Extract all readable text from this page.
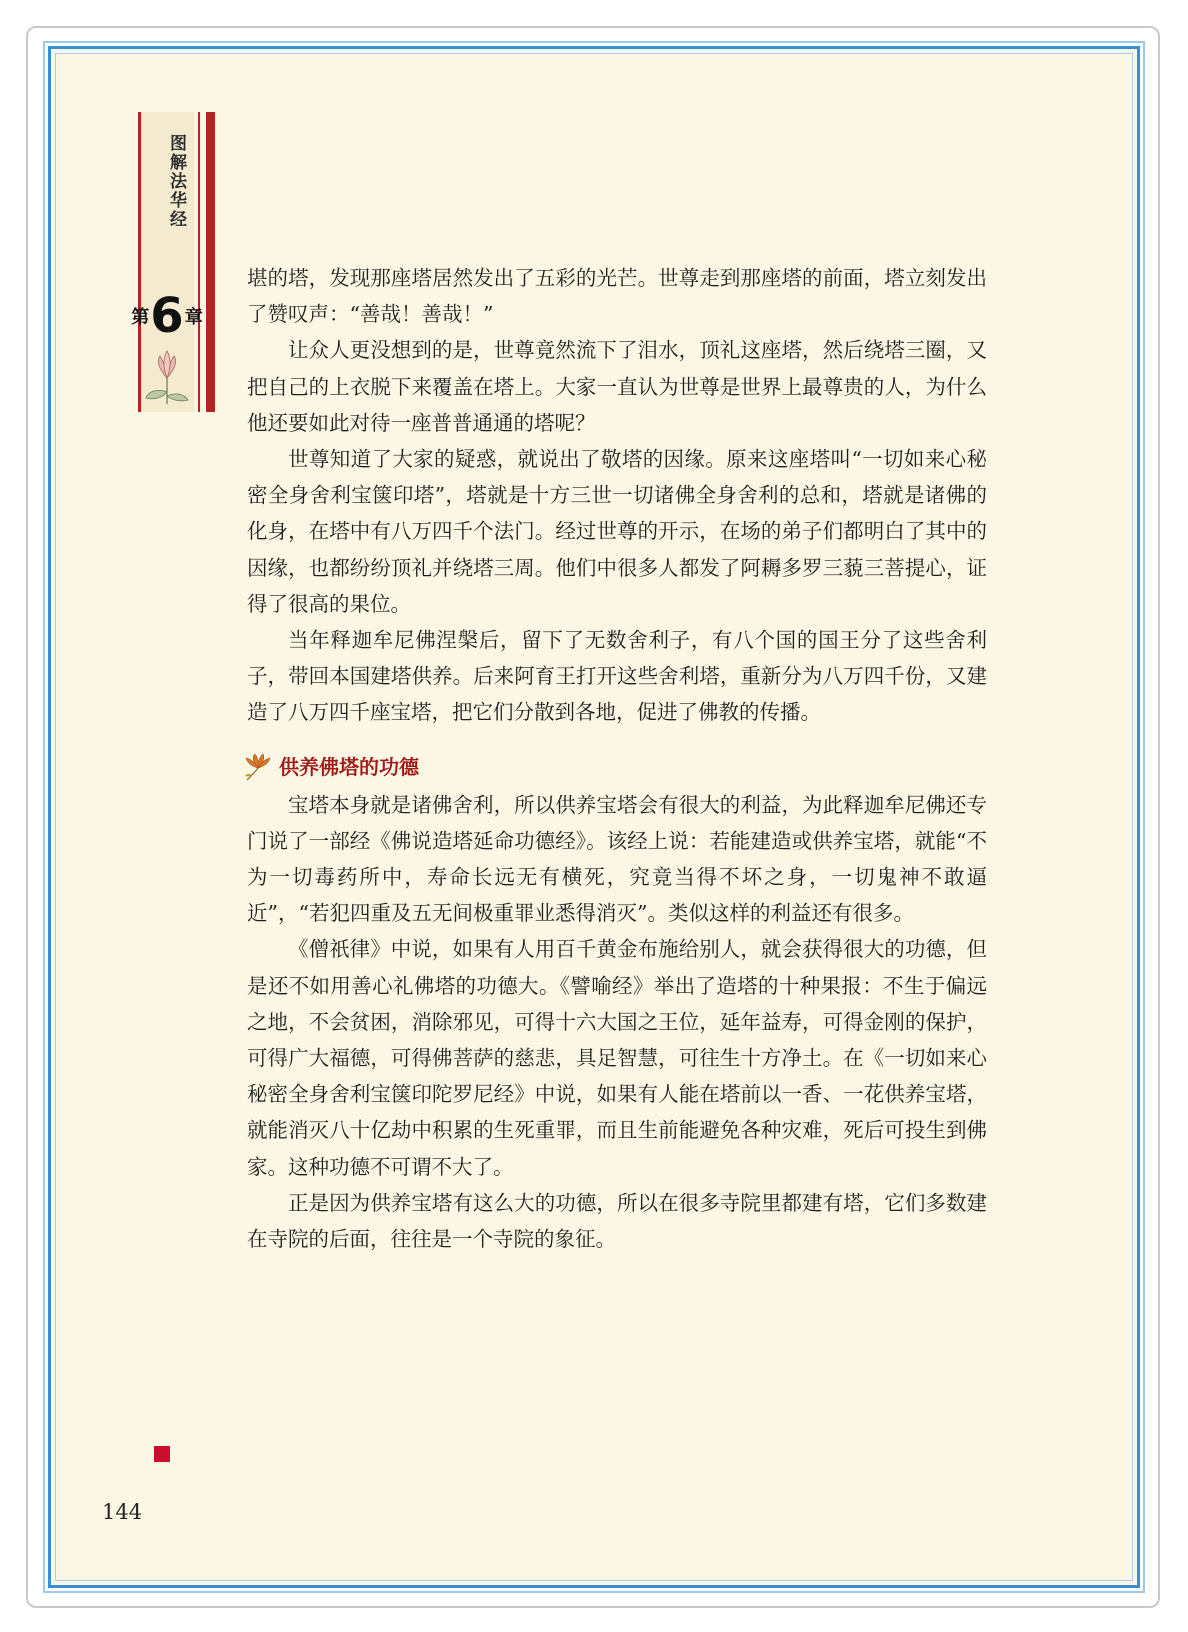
图解法华经
第 6 章

堪的塔，发现那座塔居然发出了五彩的光芒。世尊走到那座塔的前面，塔立刻发出了赞叹声：“善哉！善哉！”

让众人更没想到的是，世尊竟然流下了泪水，顶礼这座塔，然后绕塔三圈，又把自己的上衣脱下来覆盖在塔上。大家一直认为世尊是世界上最尊贵的人，为什么他还要如此对待一座普普通通的塔呢？

世尊知道了大家的疑惑，就说出了敬塔的因缘。原来这座塔叫“一切如来心秘密全身舍利宝箧印塔”，塔就是十方三世一切诸佛全身舍利的总和，塔就是诸佛的化身，在塔中有八万四千个法门。经过世尊的开示，在场的弟子们都明白了其中的因缘，也都纷纷顶礼并绕塔三周。他们中很多人都发了阿耨多罗三藐三菩提心，证得了很高的果位。

当年释迦牟尼佛涅槃后，留下了无数舍利子，有八个国的国王分了这些舍利子，带回本国建塔供养。后来阿育王打开这些舍利塔，重新分为八万四千份，又建造了八万四千座宝塔，把它们分散到各地，促进了佛教的传播。

供养佛塔的功德

宝塔本身就是诸佛舍利，所以供养宝塔会有很大的利益，为此释迦牟尼佛还专门说了一部经《佛说造塔延命功德经》。该经上说：若能建造或供养宝塔，就能“不为一切毒药所中，寿命长远无有横死，究竟当得不坏之身，一切鬼神不敢逼近”，“若犯四重及五无间极重罪业悉得消灭”。类似这样的利益还有很多。

《僧祇律》中说，如果有人用百千黄金布施给别人，就会获得很大的功德，但是还不如用善心礼佛塔的功德大。《譬喻经》举出了造塔的十种果报：不生于偏远之地，不会贫困，消除邪见，可得十六大国之王位，延年益寿，可得金刚的保护，可得广大福德，可得佛菩萨的慈悲，具足智慧，可往生十方净土。在《一切如来心秘密全身舍利宝箧印陀罗尼经》中说，如果有人能在塔前以一香、一花供养宝塔，就能消灭八十亿劫中积累的生死重罪，而且生前能避免各种灾难，死后可投生到佛家。这种功德不可谓不大了。

正是因为供养宝塔有这么大的功德，所以在很多寺院里都建有塔，它们多数建在寺院的后面，往往是一个寺院的象征。

144
